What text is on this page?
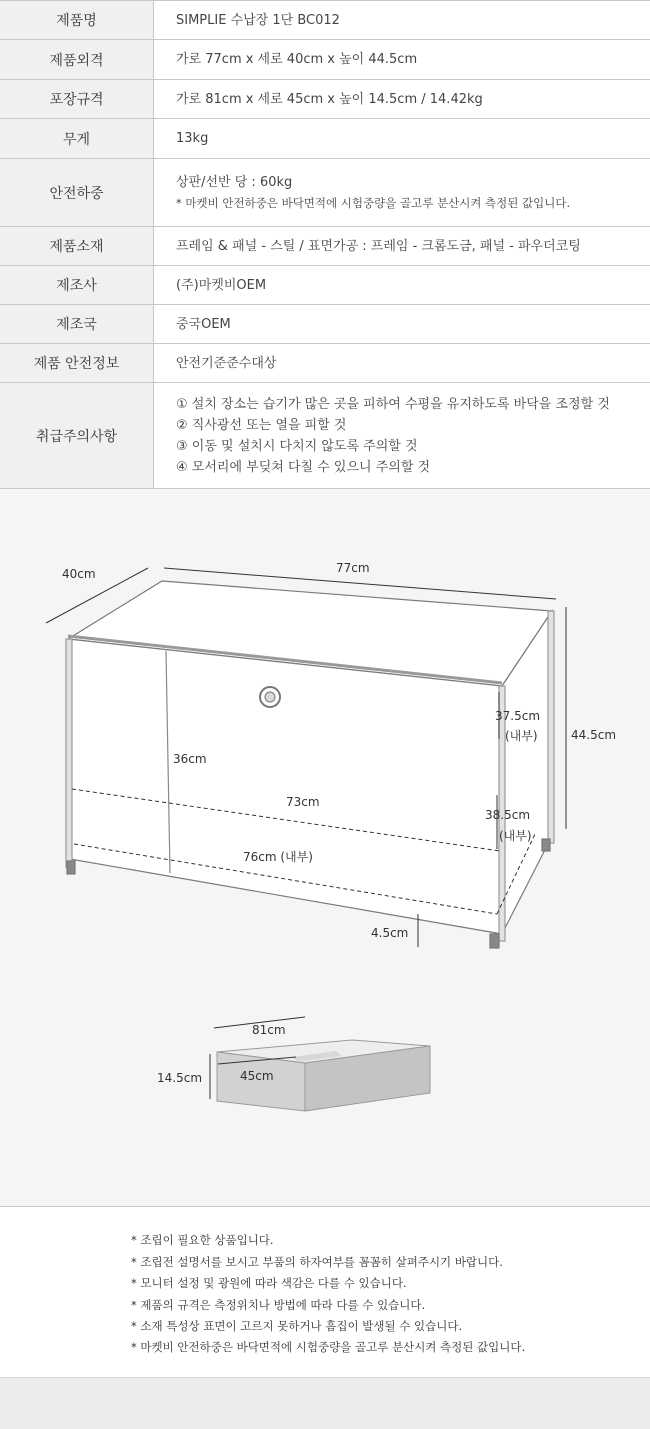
제품명	SIMPLIE 수납장 1단 BC012

제품외격	가로 77cm x 세로 40cm x 높이 44.5cm

포장규격	가로 81cm x 세로 45cm x 높이 14.5cm / 14.42kg

무게	13kg

안전하중	상판/선반 당 : 60kg
* 마켓비 안전하중은 바닥면적에 시험중량을 골고루 분산시켜 측정된 값입니다.

제품소재	프레임 & 패널 - 스틸 / 표면가공 : 프레임 - 크롬도금, 패널 - 파우더코팅

제조사	(주)마켓비OEM

제조국	중국OEM

제품 안전정보	안전기준준수대상

취급주의사항	① 설치 장소는 습기가 많은 곳을 피하여 수평을 유지하도록 바닥을 조정할 것
② 직사광선 또는 열을 피할 것
③ 이동 및 설치시 다치지 않도록 주의할 것
④ 모서리에 부딪쳐 다칠 수 있으니 주의할 것
40cm	77cm
44.5cm
37.5cm
(내부)
38.5cm
(내부)
36cm
73cm
76cm (내부)
4.5cm
81cm
45cm
14.5cm
* 조립이 필요한 상품입니다.
* 조립전 설명서를 보시고 부품의 하자여부를 꼼꼼히 살펴주시기 바랍니다.
* 모니터 설정 및 광원에 따라 색감은 다를 수 있습니다.
* 제품의 규격은 측정위치나 방법에 따라 다를 수 있습니다.
* 소재 특성상 표면이 고르지 못하거나 흠집이 발생될 수 있습니다.
* 마켓비 안전하중은 바닥면적에 시험중량을 골고루 분산시켜 측정된 값입니다.
